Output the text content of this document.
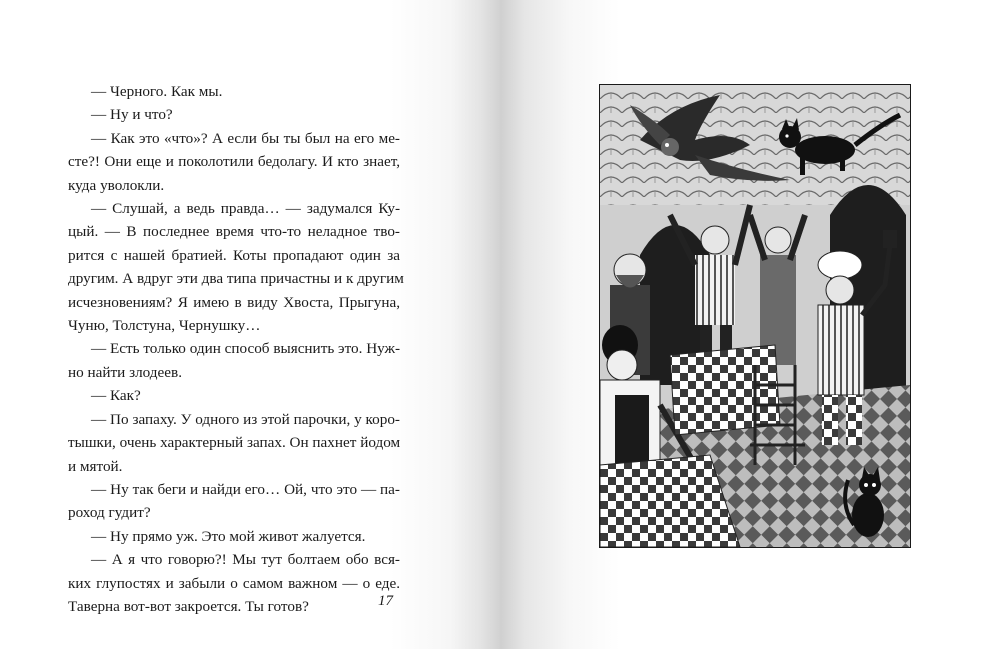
— Черного. Как мы.
— Ну и что?
— Как это «что»? А если бы ты был на его ме-
сте?! Они еще и поколотили бедолагу. И кто знает,
куда уволокли.
— Слушай, а ведь правда… — задумался Ку-
цый. — В последнее время что-то неладное тво-
рится с нашей братией. Коты пропадают один за
другим. А вдруг эти два типа причастны и к другим
исчезновениям? Я имею в виду Хвоста, Прыгуна,
Чуню, Толстуна, Чернушку…
— Есть только один способ выяснить это. Нуж-
но найти злодеев.
— Как?
— По запаху. У одного из этой парочки, у коро-
тышки, очень характерный запах. Он пахнет йодом
и мятой.
— Ну так беги и найди его… Ой, что это — па-
роход гудит?
— Ну прямо уж. Это мой живот жалуется.
— А я что говорю?! Мы тут болтаем обо вся-
ких глупостях и забыли о самом важном — о еде.
Таверна вот-вот закроется. Ты готов?	17
